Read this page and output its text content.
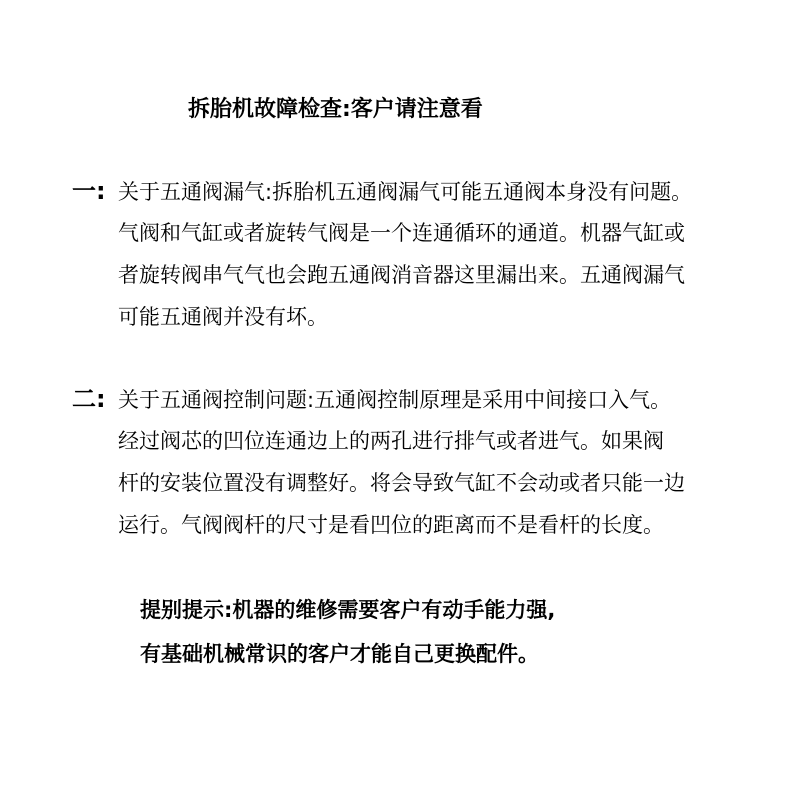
拆胎机故障检查:客户请注意看
一: 关于五通阀漏气:拆胎机五通阀漏气可能五通阀本身没有问题。
气阀和气缸或者旋转气阀是一个连通循环的通道。机器气缸或
者旋转阀串气气也会跑五通阀消音器这里漏出来。五通阀漏气
可能五通阀并没有坏。
二: 关于五通阀控制问题:五通阀控制原理是采用中间接口入气。
经过阀芯的凹位连通边上的两孔进行排气或者进气。如果阀
杆的安装位置没有调整好。将会导致气缸不会动或者只能一边
运行。气阀阀杆的尺寸是看凹位的距离而不是看杆的长度。
提别提示:机器的维修需要客户有动手能力强,
有基础机械常识的客户才能自己更换配件。
